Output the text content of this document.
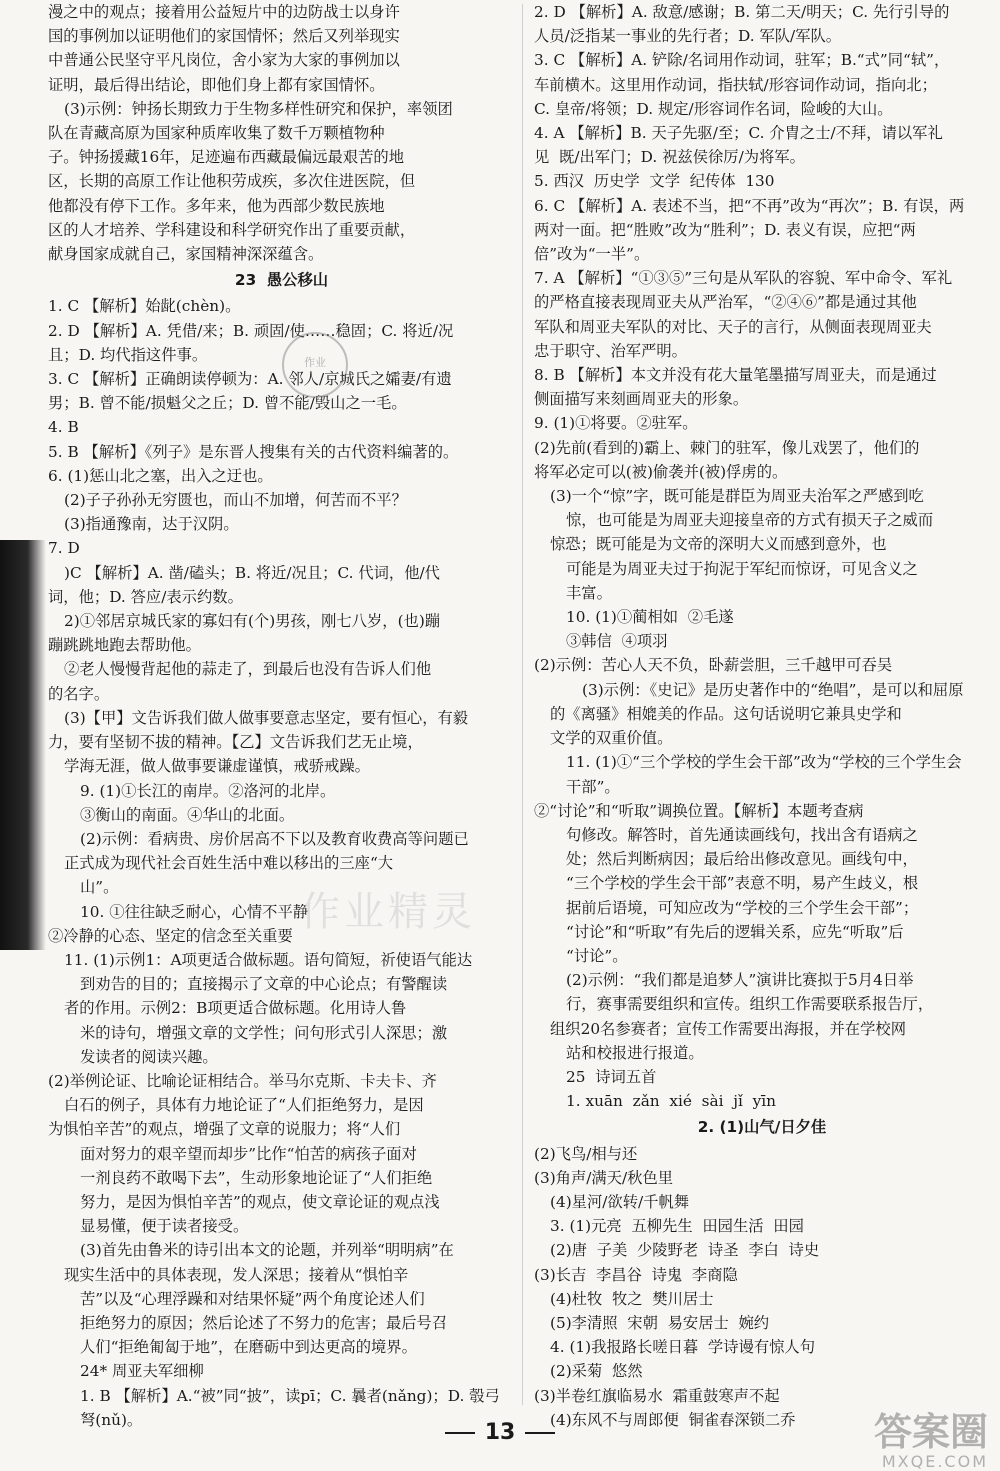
漫之中的观点；接着用公益短片中的边防战士以身许
国的事例加以证明他们的家国情怀；然后又列举现实
中普通公民坚守平凡岗位，舍小家为大家的事例加以
证明，最后得出结论，即他们身上都有家国情怀。
(3)示例：钟扬长期致力于生物多样性研究和保护，率领团
队在青藏高原为国家种质库收集了数千万颗植物种
子。钟扬援藏16年，足迹遍布西藏最偏远最艰苦的地
区，长期的高原工作让他积劳成疾，多次住进医院，但
他都没有停下工作。多年来，他为西部少数民族地
区的人才培养、学科建设和科学研究作出了重要贡献，
献身国家成就自己，家国精神深深蕴含。
23  愚公移山
1. C 【解析】始龀(chèn)。
2. D 【解析】A. 凭借/来；B. 顽固/使……稳固；C. 将近/况
且；D. 均代指这件事。
3. C 【解析】正确朗读停顿为：A. 邻人/京城氏之孀妻/有遗
男；B. 曾不能/损魁父之丘；D. 曾不能/毁山之一毛。
4. B
5. B 【解析】《列子》是东晋人搜集有关的古代资料编著的。
6. (1)惩山北之塞，出入之迂也。
(2)子子孙孙无穷匮也，而山不加增，何苦而不平？
(3)指通豫南，达于汉阴。
7. D
)C 【解析】A. 凿/磕头；B. 将近/况且；C. 代词，他/代
词，他；D. 答应/表示约数。
2)①邻居京城氏家的寡妇有(个)男孩，刚七八岁，(也)蹦
蹦跳跳地跑去帮助他。
②老人慢慢背起他的蒜走了，到最后也没有告诉人们他
的名字。
(3)【甲】文告诉我们做人做事要意志坚定，要有恒心，有毅
力，要有坚韧不拔的精神。【乙】文告诉我们艺无止境，
学海无涯，做人做事要谦虚谨慎，戒骄戒躁。
9. (1)①长江的南岸。②洛河的北岸。
③衡山的南面。④华山的北面。
(2)示例：看病贵、房价居高不下以及教育收费高等问题已
正式成为现代社会百姓生活中难以移出的三座“大
山”。
10. ①往往缺乏耐心，心情不平静
②冷静的心态、坚定的信念至关重要
11. (1)示例1：A项更适合做标题。语句简短，祈使语气能达
到劝告的目的；直接揭示了文章的中心论点；有警醒读
者的作用。示例2：B项更适合做标题。化用诗人鲁
米的诗句，增强文章的文学性；问句形式引人深思；激
发读者的阅读兴趣。
(2)举例论证、比喻论证相结合。举马尔克斯、卡夫卡、齐
白石的例子，具体有力地论证了“人们拒绝努力，是因
为惧怕辛苦”的观点，增强了文章的说服力；将“人们
面对努力的艰辛望而却步”比作“怕苦的病孩子面对
一剂良药不敢喝下去”，生动形象地论证了“人们拒绝
努力，是因为惧怕辛苦”的观点，使文章论证的观点浅
显易懂，便于读者接受。
(3)首先由鲁米的诗引出本文的论题，并列举“明明病”在
现实生活中的具体表现，发人深思；接着从“惧怕辛
苦”以及“心理浮躁和对结果怀疑”两个角度论述人们
拒绝努力的原因；然后论述了不努力的危害；最后号召
人们“拒绝匍匐于地”，在磨砺中到达更高的境界。
24* 周亚夫军细柳
1. B 【解析】A.“被”同“披”，读pī；C. 曩者(nǎng)；D. 彀弓
弩(nǔ)。
2. D 【解析】A. 敌意/感谢；B. 第二天/明天；C. 先行引导的
人员/泛指某一事业的先行者；D. 军队/军队。
3. C 【解析】A. 铲除/名词用作动词，驻军；B.“式”同“轼”，
车前横木。这里用作动词，指扶轼/形容词作动词，指向北；
C. 皇帝/将领；D. 规定/形容词作名词，险峻的大山。
4. A 【解析】B. 天子先驱/至；C. 介胄之士/不拜，请以军礼
见  既/出军门；D. 祝兹侯徐厉/为将军。
5. 西汉  历史学  文学  纪传体  130
6. C 【解析】A. 表述不当，把“不再”改为“再次”；B. 有误，两
两对一面。把“胜败”改为“胜利”；D. 表义有误，应把“两
倍”改为“一半”。
7. A 【解析】“①③⑤”三句是从军队的容貌、军中命令、军礼
的严格直接表现周亚夫从严治军，“②④⑥”都是通过其他
军队和周亚夫军队的对比、天子的言行，从侧面表现周亚夫
忠于职守、治军严明。
8. B 【解析】本文并没有花大量笔墨描写周亚夫，而是通过
侧面描写来刻画周亚夫的形象。
9. (1)①将要。②驻军。
(2)先前(看到的)霸上、棘门的驻军，像儿戏罢了，他们的
将军必定可以(被)偷袭并(被)俘虏的。
(3)一个“惊”字，既可能是群臣为周亚夫治军之严感到吃
惊，也可能是为周亚夫迎接皇帝的方式有损天子之威而
惊恐；既可能是为文帝的深明大义而感到意外，也
可能是为周亚夫过于拘泥于军纪而惊讶，可见含义之
丰富。
10. (1)①蔺相如  ②毛遂
③韩信  ④项羽
(2)示例：苦心人天不负，卧薪尝胆，三千越甲可吞吴
(3)示例：《史记》是历史著作中的“绝唱”，是可以和屈原
的《离骚》相媲美的作品。这句话说明它兼具史学和
文学的双重价值。
11. (1)①“三个学校的学生会干部”改为“学校的三个学生会
干部”。
②“讨论”和“听取”调换位置。【解析】本题考查病
句修改。解答时，首先通读画线句，找出含有语病之
处；然后判断病因；最后给出修改意见。画线句中，
“三个学校的学生会干部”表意不明，易产生歧义，根
据前后语境，可知应改为“学校的三个学生会干部”；
“讨论”和“听取”有先后的逻辑关系，应先“听取”后
“讨论”。
(2)示例：“我们都是追梦人”演讲比赛拟于5月4日举
行，赛事需要组织和宣传。组织工作需要联系报告厅，
组织20名参赛者；宣传工作需要出海报，并在学校网
站和校报进行报道。
25  诗词五首
1. xuān  zǎn  xié  sài  jǐ  yīn
2. (1)山气/日夕佳
(2)飞鸟/相与还
(3)角声/满天/秋色里
(4)星河/欲转/千帆舞
3. (1)元亮  五柳先生  田园生活  田园
(2)唐  子美  少陵野老  诗圣  李白  诗史
(3)长吉  李昌谷  诗鬼  李商隐
(4)杜牧  牧之  樊川居士
(5)李清照  宋朝  易安居士  婉约
4. (1)我报路长嗟日暮  学诗谩有惊人句
(2)采菊  悠然
(3)半卷红旗临易水  霜重鼓寒声不起
(4)东风不与周郎便  铜雀春深锁二乔
作业
作业精灵
答案圈
MXQE.COM
13
